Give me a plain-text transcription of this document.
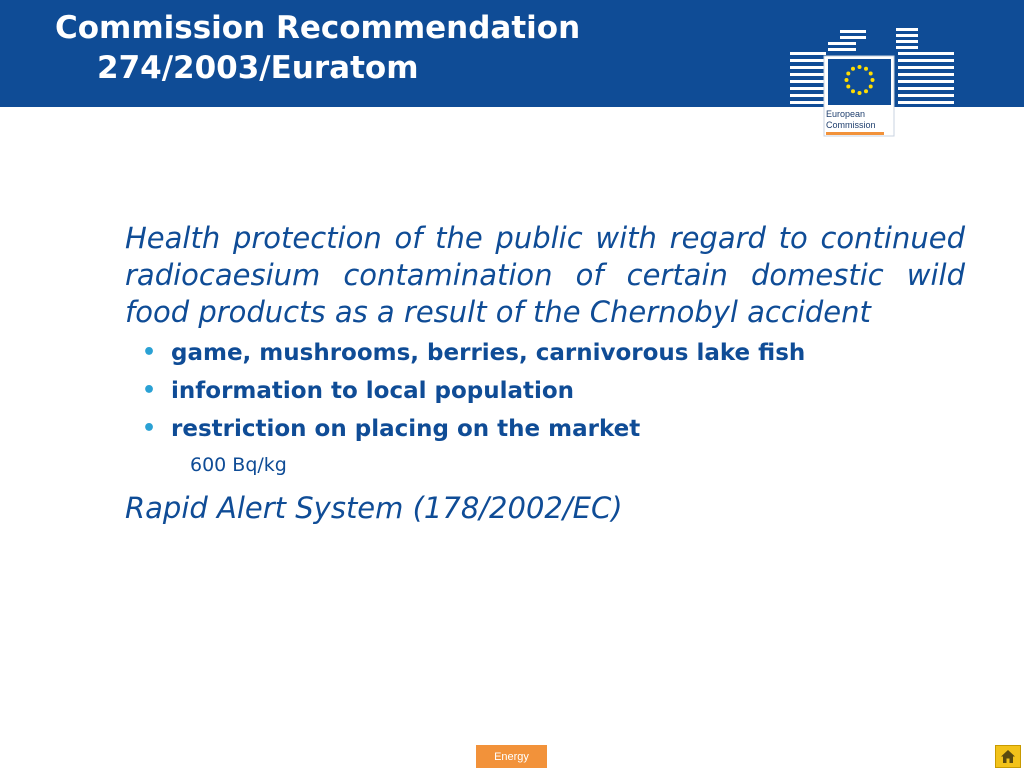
Commission Recommendation
274/2003/Euratom
European
Commission

Health protection of the public with regard to continued radiocaesium contamination of certain domestic wild food products as a result of the Chernobyl accident

• game, mushrooms, berries, carnivorous lake fish
• information to local population
• restriction on placing on the market

600 Bq/kg

Rapid Alert System (178/2002/EC)

Energy
